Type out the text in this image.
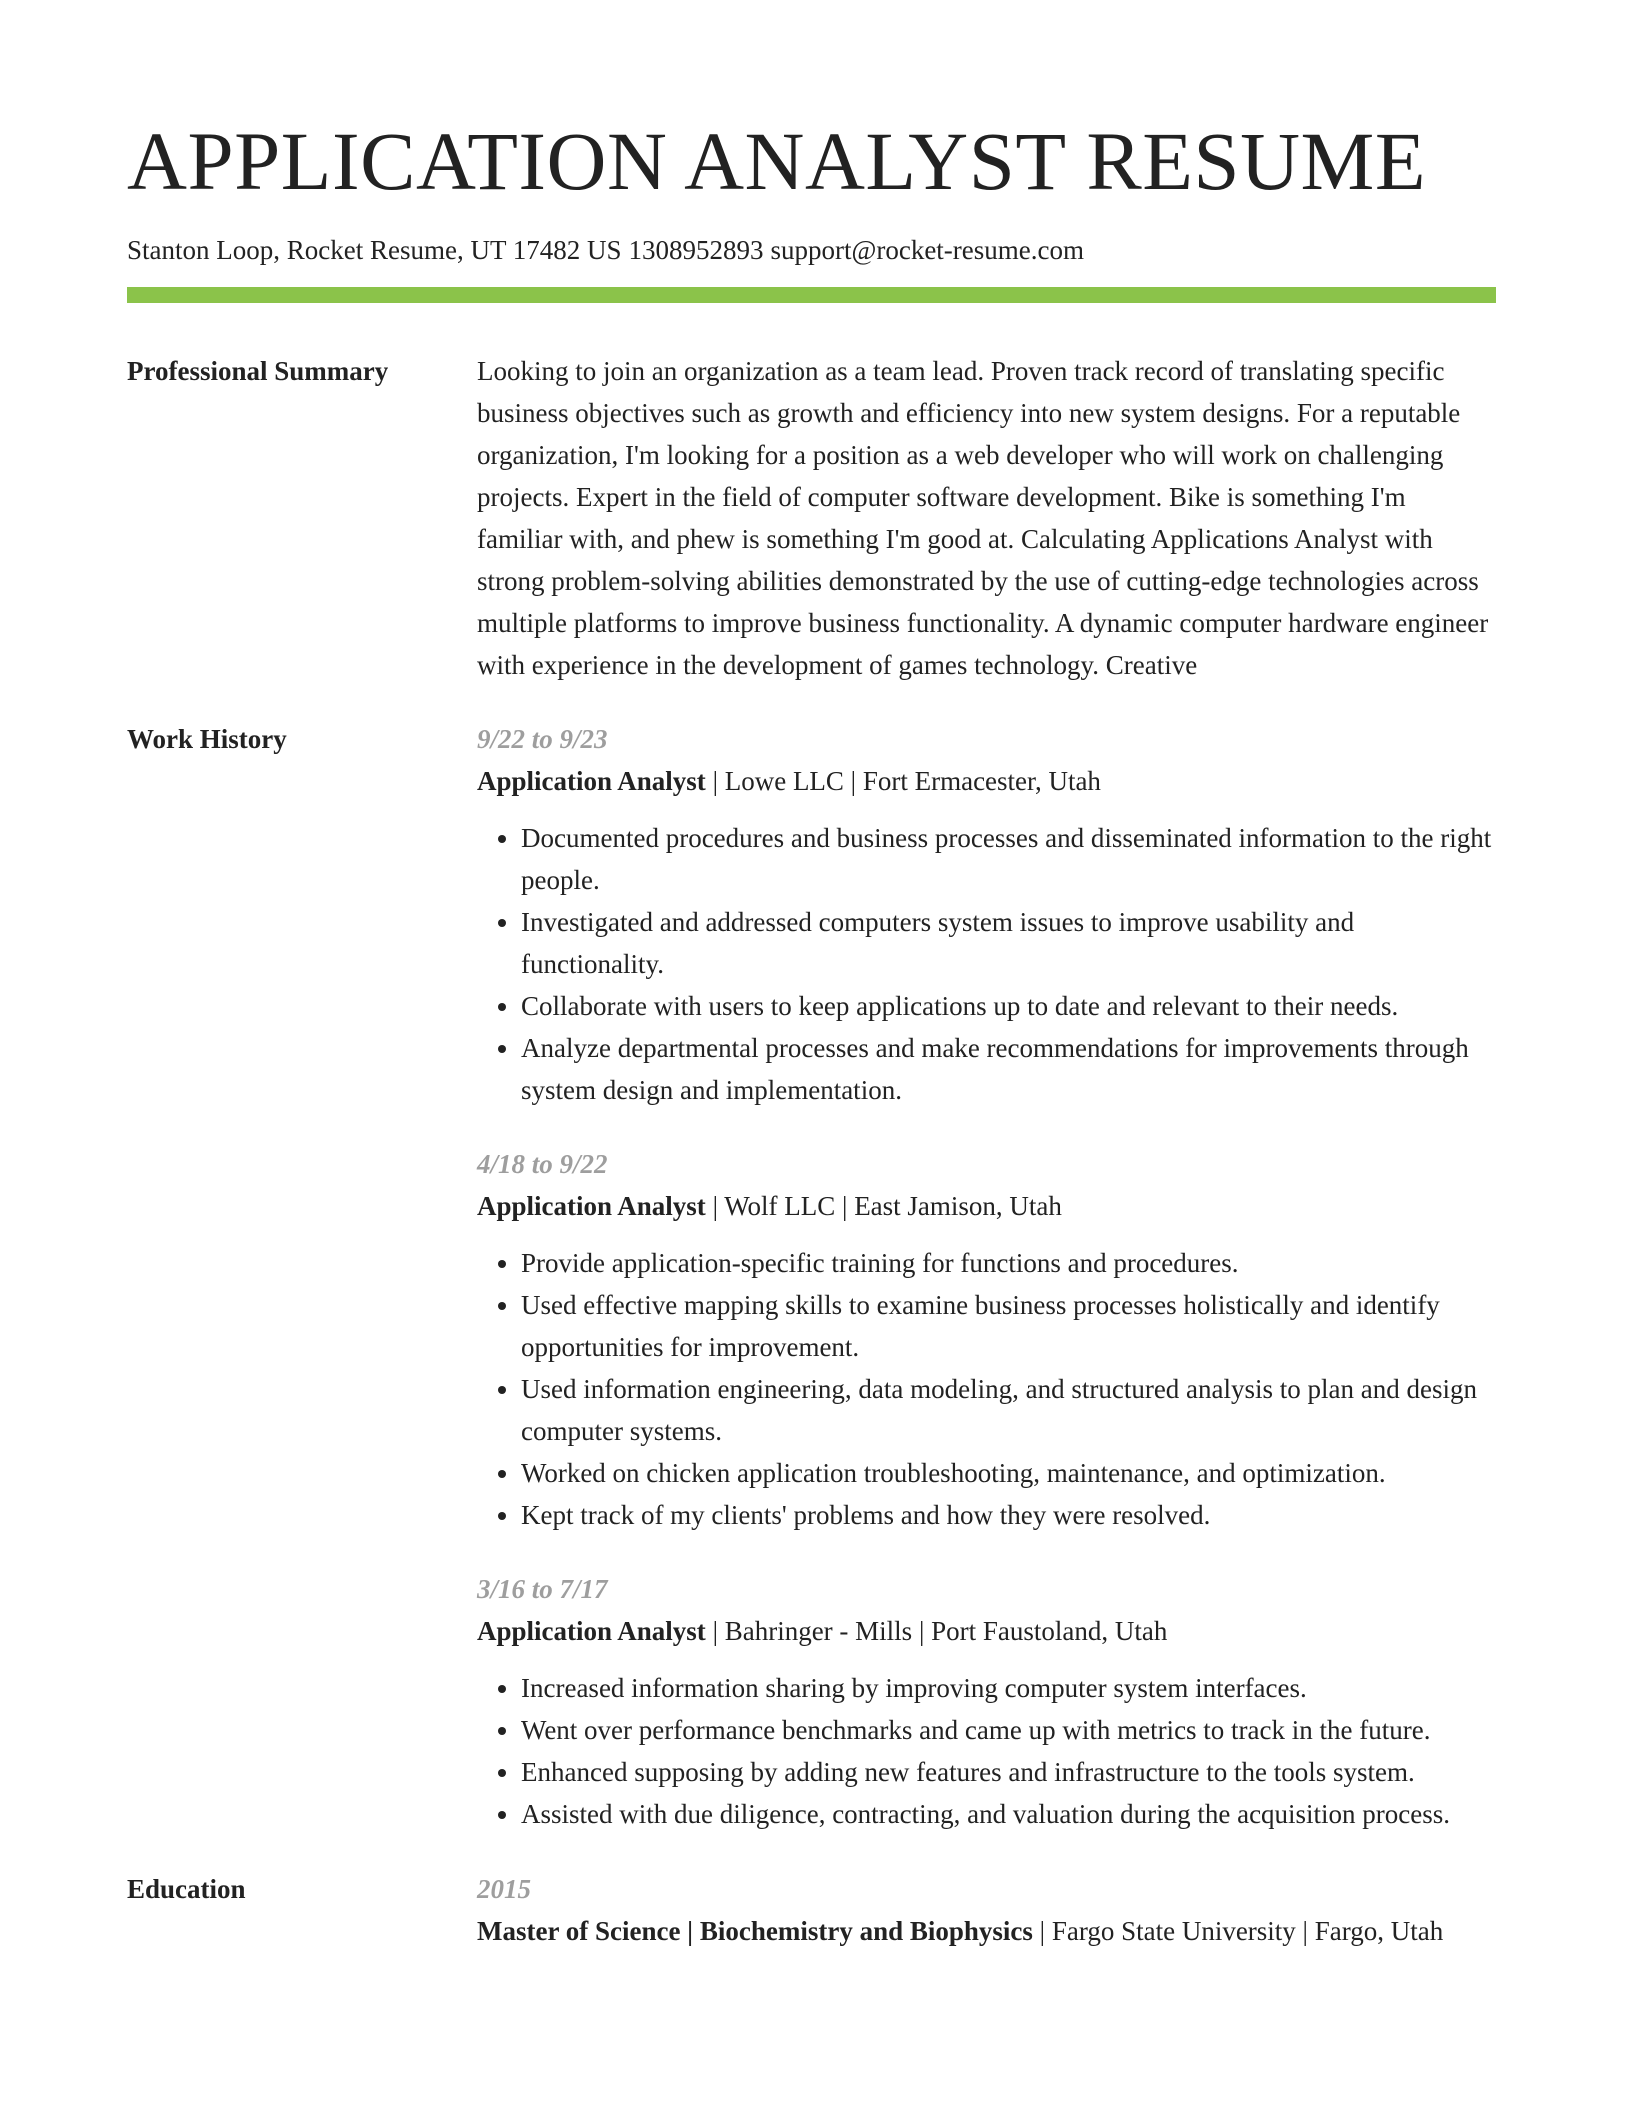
APPLICATION ANALYST RESUME
Stanton Loop, Rocket Resume, UT 17482 US 1308952893 support@rocket-resume.com
Professional Summary	Looking to join an organization as a team lead. Proven track record of translating specific business objectives such as growth and efficiency into new system designs. For a reputable organization, I'm looking for a position as a web developer who will work on challenging projects. Expert in the field of computer software development. Bike is something I'm familiar with, and phew is something I'm good at. Calculating Applications Analyst with strong problem-solving abilities demonstrated by the use of cutting-edge technologies across multiple platforms to improve business functionality. A dynamic computer hardware engineer with experience in the development of games technology. Creative
Work History	9/22 to 9/23
Application Analyst | Lowe LLC | Fort Ermacester, Utah
• Documented procedures and business processes and disseminated information to the right people.
• Investigated and addressed computers system issues to improve usability and functionality.
• Collaborate with users to keep applications up to date and relevant to their needs.
• Analyze departmental processes and make recommendations for improvements through system design and implementation.
4/18 to 9/22
Application Analyst | Wolf LLC | East Jamison, Utah
• Provide application-specific training for functions and procedures.
• Used effective mapping skills to examine business processes holistically and identify opportunities for improvement.
• Used information engineering, data modeling, and structured analysis to plan and design computer systems.
• Worked on chicken application troubleshooting, maintenance, and optimization.
• Kept track of my clients' problems and how they were resolved.
3/16 to 7/17
Application Analyst | Bahringer - Mills | Port Faustoland, Utah
• Increased information sharing by improving computer system interfaces.
• Went over performance benchmarks and came up with metrics to track in the future.
• Enhanced supposing by adding new features and infrastructure to the tools system.
• Assisted with due diligence, contracting, and valuation during the acquisition process.
Education	2015
Master of Science | Biochemistry and Biophysics | Fargo State University | Fargo, Utah
